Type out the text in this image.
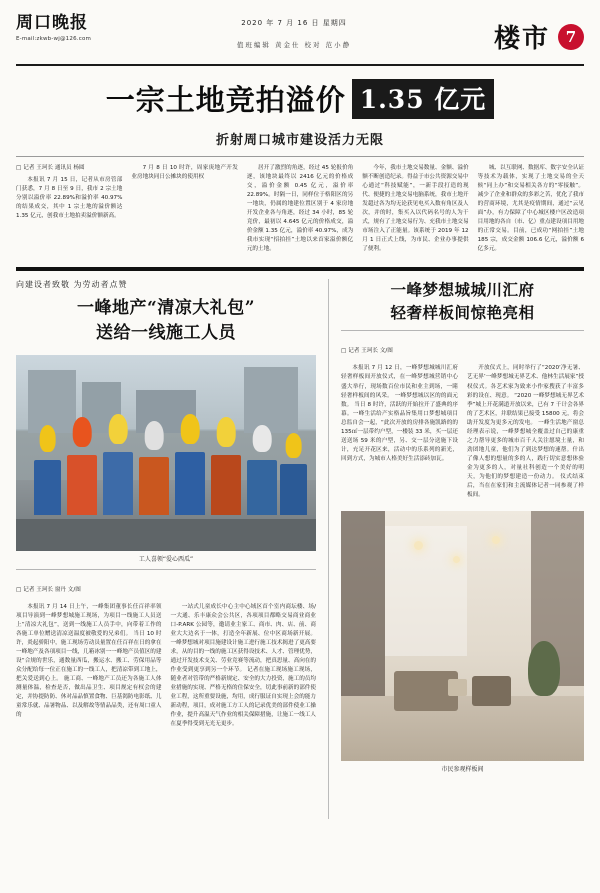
周口晚报
E-mail:zkwb-wj@126.com
2020 年 7 月 16 日 星期四
值班编辑 黄金仕 校对 范小静	楼市	7
一宗土地竞拍溢价 1.35 亿元
折射周口城市建设活力无限
□ 记者 王珂长 通讯员 杨圆
本报讯 7 月 15 日，记者从市房管部门获悉，7 月 8 日至 9 日，我市 2 宗土地分别以溢价率 22.89%和溢价率 40.97%的结果成交，其中 1 宗土地的溢价额达 1.35 亿元，创我市土地拍卖溢价额新高。
7 月 8 日 10 时许，周家庚地产开发业房地块同日公摊块的使用权
居开了激烈的角逐，经过 45 轮报价角逐，该地块最终以 2416 亿元的价格成交，溢价金额 0.45 亿元，溢价率 22.89%。时隔一日，同样位于格阳区的另一地块，仍属的地建位置区别于 4 家房地开发企业各与角逐，经过 34 小时，85 轮竞价，最初以 4.645 亿元的价格成交，溢价金额 1.35 亿元，溢价率 40.97%，成为我市实现“招拍挂”土地以来首家溢价额亿元的土地。
今年，我市土地交易数量、金额、溢价额不断创造纪录。得益于市公共资源交易中心通过“科技赋能”，一新手段打造的现代、便捷的土地交易电脑系统，我市土地开发超过各为均无论获见电买入数有角区及人次，并的时，集买入以代码名号的人为干式，规有了土地交易行为、充我市土地交易市场注入了正能量。该系统于 2019 年 12 月 1 日正式上线，为市民、企业办事提供了便利。
城、以互联网、数据库、数字安全认证等技术为载体，实现了土地交易的全天候“同上办”和交易相关各方的“零接触”。减少了企业和群众的多彩之苦，优化了我市的营商环境，尤其是疫情期间，通过“云见面”办，有力保障了中心城区楼户区改造项目用地的各自（市、亿）重点建设项目用地的正常交易。目前，已成功“网拍挂”土地 185 宗，成交金额 106.6 亿元，溢价额 6 亿多元。
向建设者致敬 为劳动者点赞
一峰地产“清凉大礼包”
送给一线施工人员
工人喜领“爱心西瓜”
□ 记者 王珂长 窗丹 文/图
本报讯 7 月 14 日上午，一峰集团董事长任百祥率领项目导演到一峰梦想城施工现场，为项目一线施工人员送上“清凉大礼包”，送到一线施工人员手中，向带着工作的各施工单位赠送清凉送温度被敬爱的兄弟们。 当日 10 时许，炎起骄阳中，施工现场劳动员量置在任百祥在日的拿在一峰地产及各项项目一线，几箱冰别一一峰地产员值区的建设“合规的世乐，通数量西瓜，搬运水、搬工、劳保用品等众分配给每一位正在施工的一线工人，把清凉带到工地上，把关爱送到心上。 施工商、一峰地产工员还为各施工人体测量体温，检查是否，做出品卫生、项目规定有权会的建定，并协提防防、休对品品慎置食物、巨基渴防电影纸、儿童常乐就、品暑物品、以及解故等情品品类，还有周口童人的
一站式儿童成长中心主中心域区首个室内商坛楼、场/一大通、乐丰康众会公共区，各项项目都略交易商业商业口-P.ARK 公园等，邀请业主家工、商市、肉、店、前、商业大大边名于一体，打造全年新展、位中区商场新开展。 一峰梦想城对项目施建设计施工进行施工技术揭进了更高要求，从的目的一线的施工区获得设技术、人才、管理优势，通过开发技术支关、劳业竞赛等流动，把真思量、高向在的作业受到更享到另一个环节。 记者在施工现场施工现场，随业者对管带的严格新规定、安全的大力投资，施工的员均业措施的实现、严格无格的住保安全，切此事前新的部件使业工程，这所重要设施，均用，成行服证自实现上会的能力新动程，项目，成对施工方工人的记录优美的部件使业工操作业，提升高温天气作业的相关保障措施，让施工一线工人在夏季得受到无光无更步。
一峰梦想城城川汇府
轻奢样板间惊艳亮相
□ 记者 王珂长 文/图
本报讯 7 月 12 日，一峰梦想城城川汇府轻奢样板间开放仪式，在一峰梦想城营销中心盛大举行，现场数百位市民和业主到场，一睹轻奢样板间的风采。 一峰梦想城以区的的面元数。 当日 8 时许，活跃的开始拉开了盛典的序幕。一峰生活给产实格品旨集用口梦想城项目总监自会一起，“此次开放的房排各施凯路的的 135㎡一层带约户型，一楼装 33 米，买一层还送送场 59 米的户型，另、交一层分送施下设计，充足开花区来，活动中的乐系列的新光，回到方式，为城市人格美好生活添砖加瓦。
开放仪式上，同时举行了“2020‘净无暑、艺无界’一峰梦想城无界艺术、他林生活展家”授权仪式。各艺术家为致来小作家搜获了丰富多彩的设在、现意。 “2020 一峰梦想城无界艺术季”城上开花满道开放以来，已有 7 千计会各界的了艺术区，并联结果已接受 15800 元，将会助开发度为更多元的发电。 一峰生活地产窗总经理表示说，一峰梦想城全覆盖过自己的康重之力帮导更多的城市百千人关注愿境土量，和劲团地儿童，他们为了到达梦想的速帮。什出了像人想的想量的多的人，践行切实意想体验金为更多的人，对量社科创造一个美好的明天，为他们的梦想建造一份动力。 仪式结束后，当在在家们和主流媒体记者一同参观了样板间。
市民参观样板间
